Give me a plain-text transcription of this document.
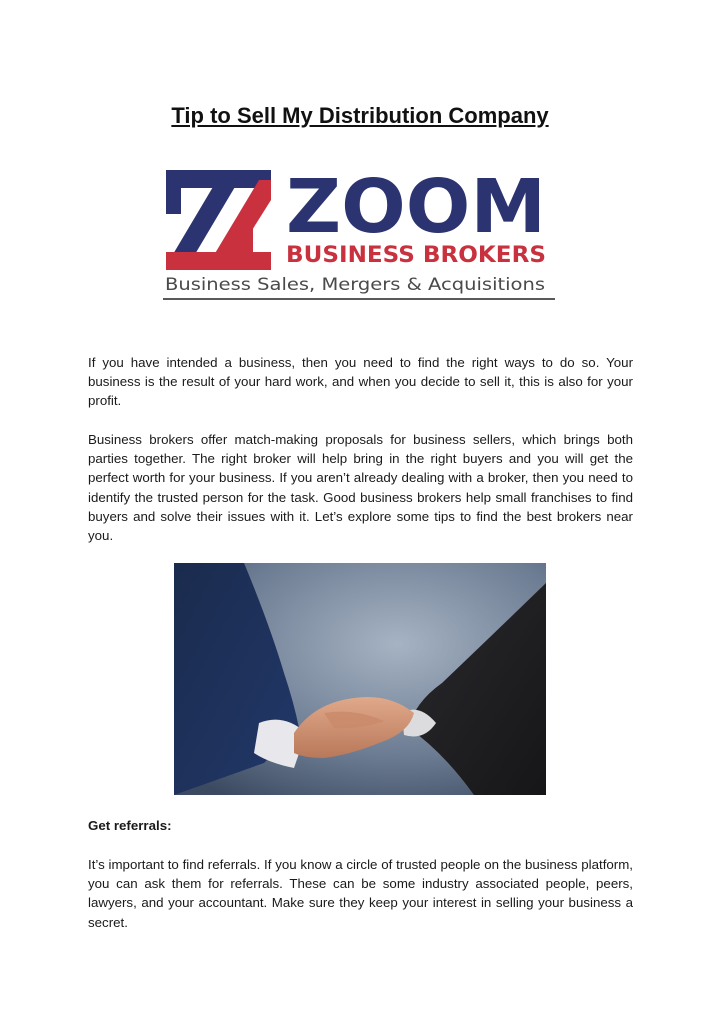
Tip to Sell My Distribution Company
ZOOM
BUSINESS BROKERS
Business Sales, Mergers & Acquisitions

If you have intended a business, then you need to find the right ways to do so. Your business is the result of your hard work, and when you decide to sell it, this is also for your profit.

Business brokers offer match-making proposals for business sellers, which brings both parties together. The right broker will help bring in the right buyers and you will get the perfect worth for your business. If you aren’t already dealing with a broker, then you need to identify the trusted person for the task. Good business brokers help small franchises to find buyers and solve their issues with it. Let’s explore some tips to find the best brokers near you.

Get referrals:

It’s important to find referrals. If you know a circle of trusted people on the business platform, you can ask them for referrals. These can be some industry associated people, peers, lawyers, and your accountant. Make sure they keep your interest in selling your business a secret.
